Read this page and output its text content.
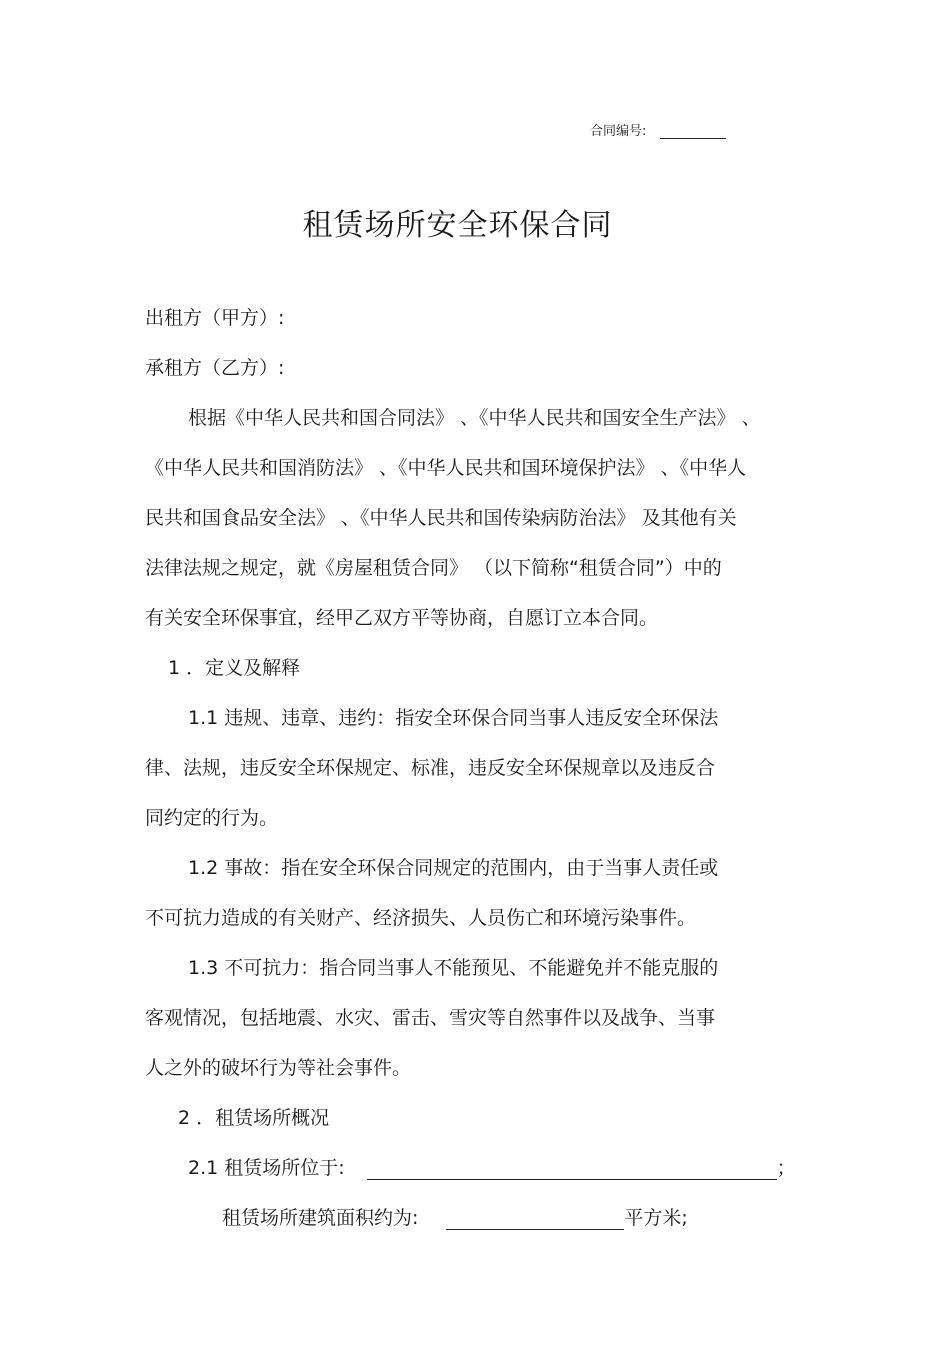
合同编号:
租赁场所安全环保合同
出租方（甲方）:
承租方（乙方）:
根据《中华人民共和国合同法》 、《中华人民共和国安全生产法》 、
《中华人民共和国消防法》 、《中华人民共和国环境保护法》 、《中华人
民共和国食品安全法》 、《中华人民共和国传染病防治法》 及其他有关
法律法规之规定，就《房屋租赁合同》 （以下简称“租赁合同”）中的
有关安全环保事宜，经甲乙双方平等协商，自愿订立本合同。
1 ．定义及解释
1.1 违规、违章、违约：指安全环保合同当事人违反安全环保法
律、法规，违反安全环保规定、标准，违反安全环保规章以及违反合
同约定的行为。
1.2 事故：指在安全环保合同规定的范围内，由于当事人责任或
不可抗力造成的有关财产、经济损失、人员伤亡和环境污染事件。
1.3 不可抗力：指合同当事人不能预见、不能避免并不能克服的
客观情况，包括地震、水灾、雷击、雪灾等自然事件以及战争、当事
人之外的破坏行为等社会事件。
2 ．租赁场所概况
2.1 租赁场所位于:	；
租赁场所建筑面积约为:	平方米;
